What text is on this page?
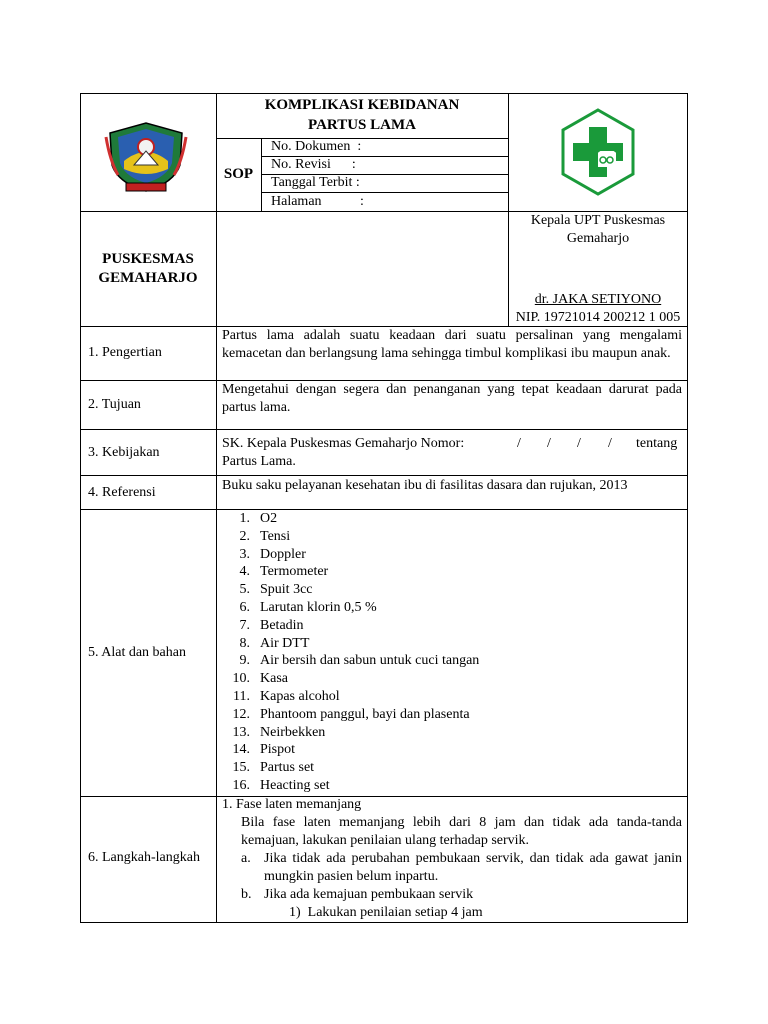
KOMPLIKASI KEBIDANAN
PARTUS LAMA
SOP
No. Dokumen  :
No. Revisi      :
Tanggal Terbit :
Halaman           :
PUSKESMAS
GEMAHARJO
Kepala UPT Puskesmas
Gemaharjo
dr. JAKA SETIYONO
NIP. 19721014 200212 1 005
1. Pengertian
Partus lama adalah suatu keadaan dari suatu persalinan yang mengalami kemacetan dan berlangsung lama sehingga timbul komplikasi ibu maupun anak.
2. Tujuan
Mengetahui dengan segera dan penanganan yang tepat keadaan darurat pada partus lama.
3. Kebijakan
SK. Kepala Puskesmas Gemaharjo Nomor:	/ / / / tentang
Partus Lama.
4. Referensi	Buku saku pelayanan kesehatan ibu di fasilitas dasara dan rujukan, 2013
5. Alat dan bahan
1. O2
2. Tensi
3. Doppler
4. Termometer
5. Spuit 3cc
6. Larutan klorin 0,5 %
7. Betadin
8. Air DTT
9. Air bersih dan sabun untuk cuci tangan
10. Kasa
11. Kapas alcohol
12. Phantoom panggul, bayi dan plasenta
13. Neirbekken
14. Pispot
15. Partus set
16. Heacting set
6. Langkah-langkah
1. Fase laten memanjang
Bila fase laten memanjang lebih dari 8 jam dan tidak ada tanda-tanda kemajuan, lakukan penilaian ulang terhadap servik.
a. Jika tidak ada perubahan pembukaan servik, dan tidak ada gawat janin mungkin pasien belum inpartu.
b. Jika ada kemajuan pembukaan servik
1)  Lakukan penilaian setiap 4 jam
